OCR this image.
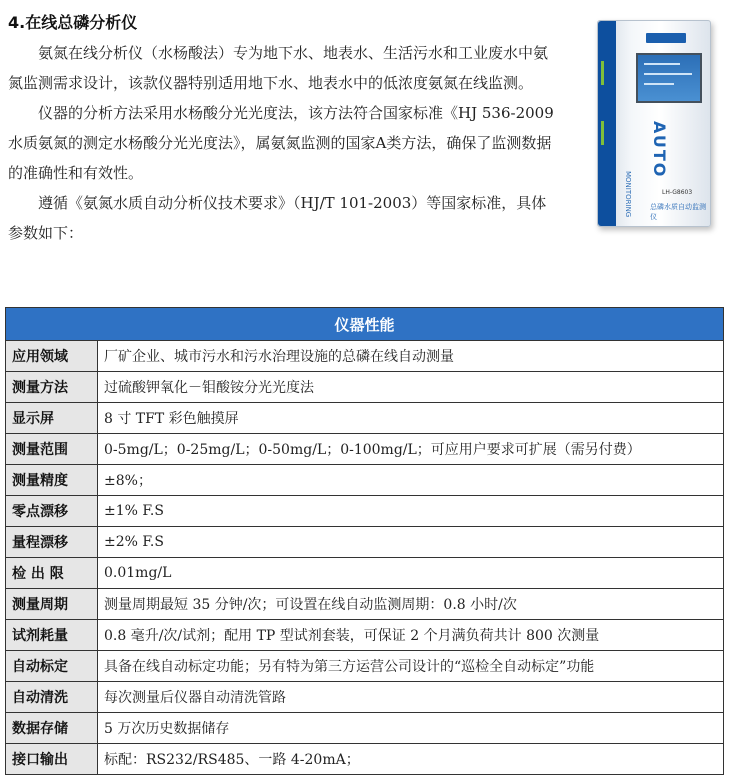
4.在线总磷分析仪

氨氮在线分析仪（水杨酸法）专为地下水、地表水、生活污水和工业废水中氨氮监测需求设计，该款仪器特别适用地下水、地表水中的低浓度氨氮在线监测。

仪器的分析方法采用水杨酸分光光度法，该方法符合国家标准《HJ 536-2009 水质氨氮的测定水杨酸分光光度法》，属氨氮监测的国家A类方法，确保了监测数据的准确性和有效性。

遵循《氨氮水质自动分析仪技术要求》（HJ/T 101-2003）等国家标准，具体参数如下：

AUTO
MONITORING	LH-G8603
总磷水质自动监测仪
仪器性能	
应用领域	厂矿企业、城市污水和污水治理设施的总磷在线自动测量
测量方法	过硫酸钾氧化－钼酸铵分光光度法
显示屏	8 寸 TFT 彩色触摸屏
测量范围	0-5mg/L；0-25mg/L；0-50mg/L；0-100mg/L；可应用户要求可扩展（需另付费）
测量精度	±8%；
零点漂移	±1% F.S
量程漂移	±2% F.S
检 出 限	0.01mg/L
测量周期	测量周期最短 35 分钟/次；可设置在线自动监测周期：0.8 小时/次
试剂耗量	0.8 毫升/次/试剂；配用 TP 型试剂套装，可保证 2 个月满负荷共计 800 次测量
自动标定	具备在线自动标定功能；另有特为第三方运营公司设计的“巡检全自动标定”功能
自动清洗	每次测量后仪器自动清洗管路
数据存储	5 万次历史数据储存
接口输出	标配：RS232/RS485、一路 4-20mA；
